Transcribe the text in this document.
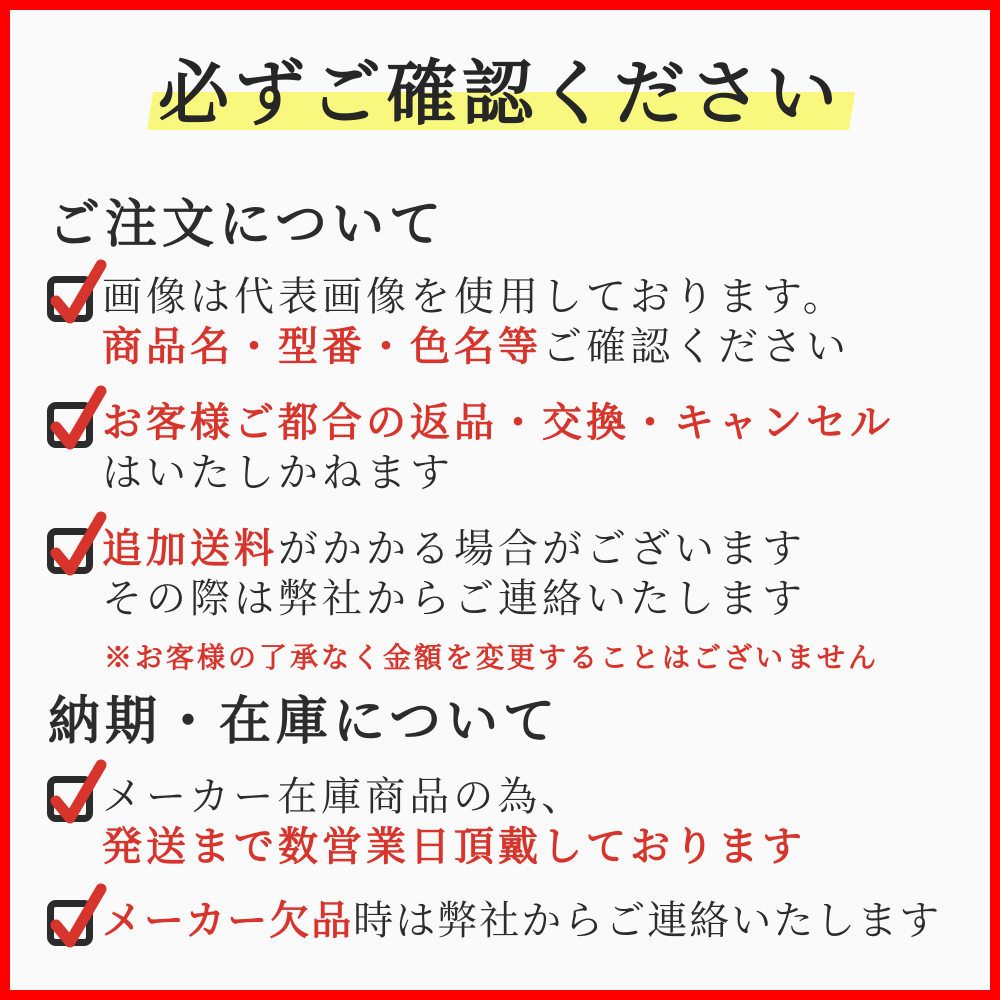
必ずご確認ください
ご注文について
画像は代表画像を使用しております。
商品名・型番・色名等ご確認ください
お客様ご都合の返品・交換・キャンセル
はいたしかねます
追加送料がかかる場合がございます
その際は弊社からご連絡いたします

※お客様の了承なく金額を変更することはございません

納期・在庫について
メーカー在庫商品の為、
発送まで数営業日頂戴しております
メーカー欠品時は弊社からご連絡いたします
